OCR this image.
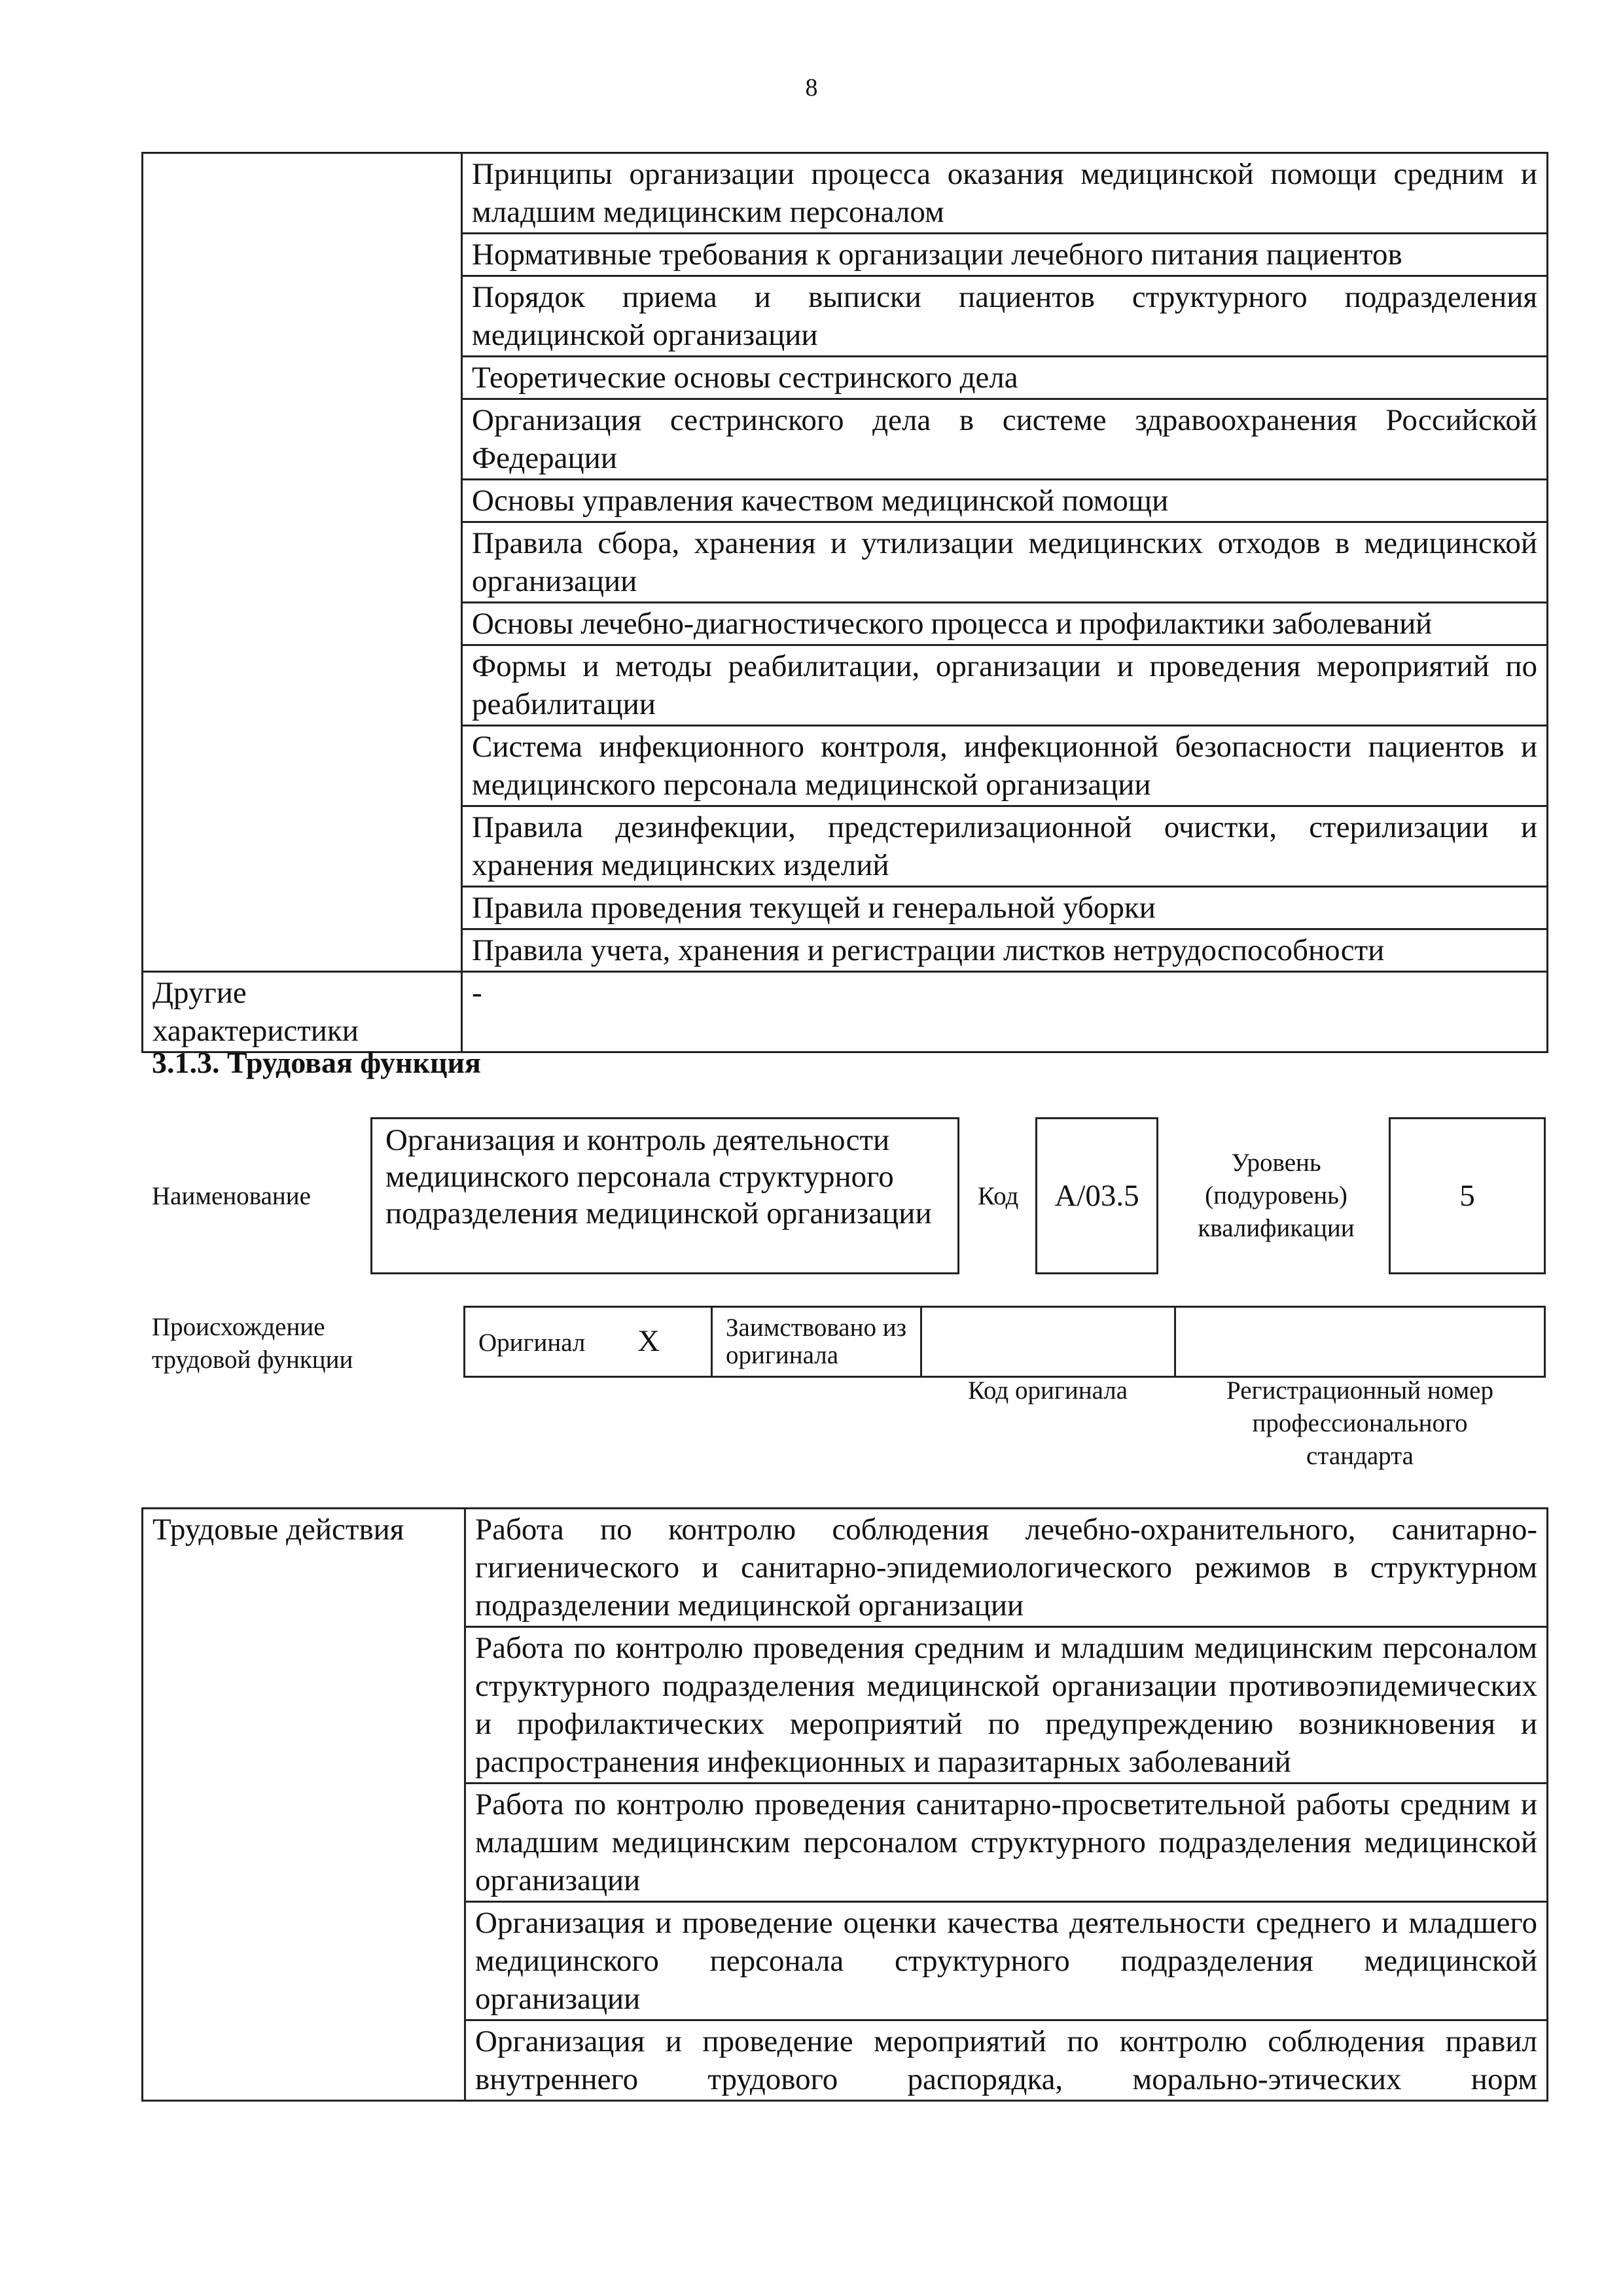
8
	Принципы организации процесса оказания медицинской помощи средним и младшим медицинским персоналом
	Нормативные требования к организации лечебного питания пациентов
	Порядок приема и выписки пациентов структурного подразделения медицинской организации
	Теоретические основы сестринского дела
	Организация сестринского дела в системе здравоохранения Российской Федерации
	Основы управления качеством медицинской помощи
	Правила сбора, хранения и утилизации медицинских отходов в медицинской организации
	Основы лечебно-диагностического процесса и профилактики заболеваний
	Формы и методы реабилитации, организации и проведения мероприятий по реабилитации
	Система инфекционного контроля, инфекционной безопасности пациентов и медицинского персонала медицинской организации
	Правила дезинфекции, предстерилизационной очистки, стерилизации и хранения медицинских изделий
	Правила проведения текущей и генеральной уборки
	Правила учета, хранения и регистрации листков нетрудоспособности
Другие характеристики	-
3.1.3. Трудовая функция
Наименование
Организация и контроль деятельности медицинского персонала структурного подразделения медицинской организации
Код А/03.5
Уровень (подуровень) квалификации
5
Происхождение трудовой функции
Оригинал X	Заимствовано из оригинала		
Код оригинала	Регистрационный номер профессионального стандарта
Трудовые действия	Работа по контролю соблюдения лечебно-охранительного, санитарно-гигиенического и санитарно-эпидемиологического режимов в структурном подразделении медицинской организации
Работа по контролю проведения средним и младшим медицинским персоналом структурного подразделения медицинской организации противоэпидемических и профилактических мероприятий по предупреждению возникновения и распространения инфекционных и паразитарных заболеваний
Работа по контролю проведения санитарно-просветительной работы средним и младшим медицинским персоналом структурного подразделения медицинской организации
Организация и проведение оценки качества деятельности среднего и младшего медицинского персонала структурного подразделения медицинской организации
Организация и проведение мероприятий по контролю соблюдения правил внутреннего трудового распорядка, морально-этических норм
